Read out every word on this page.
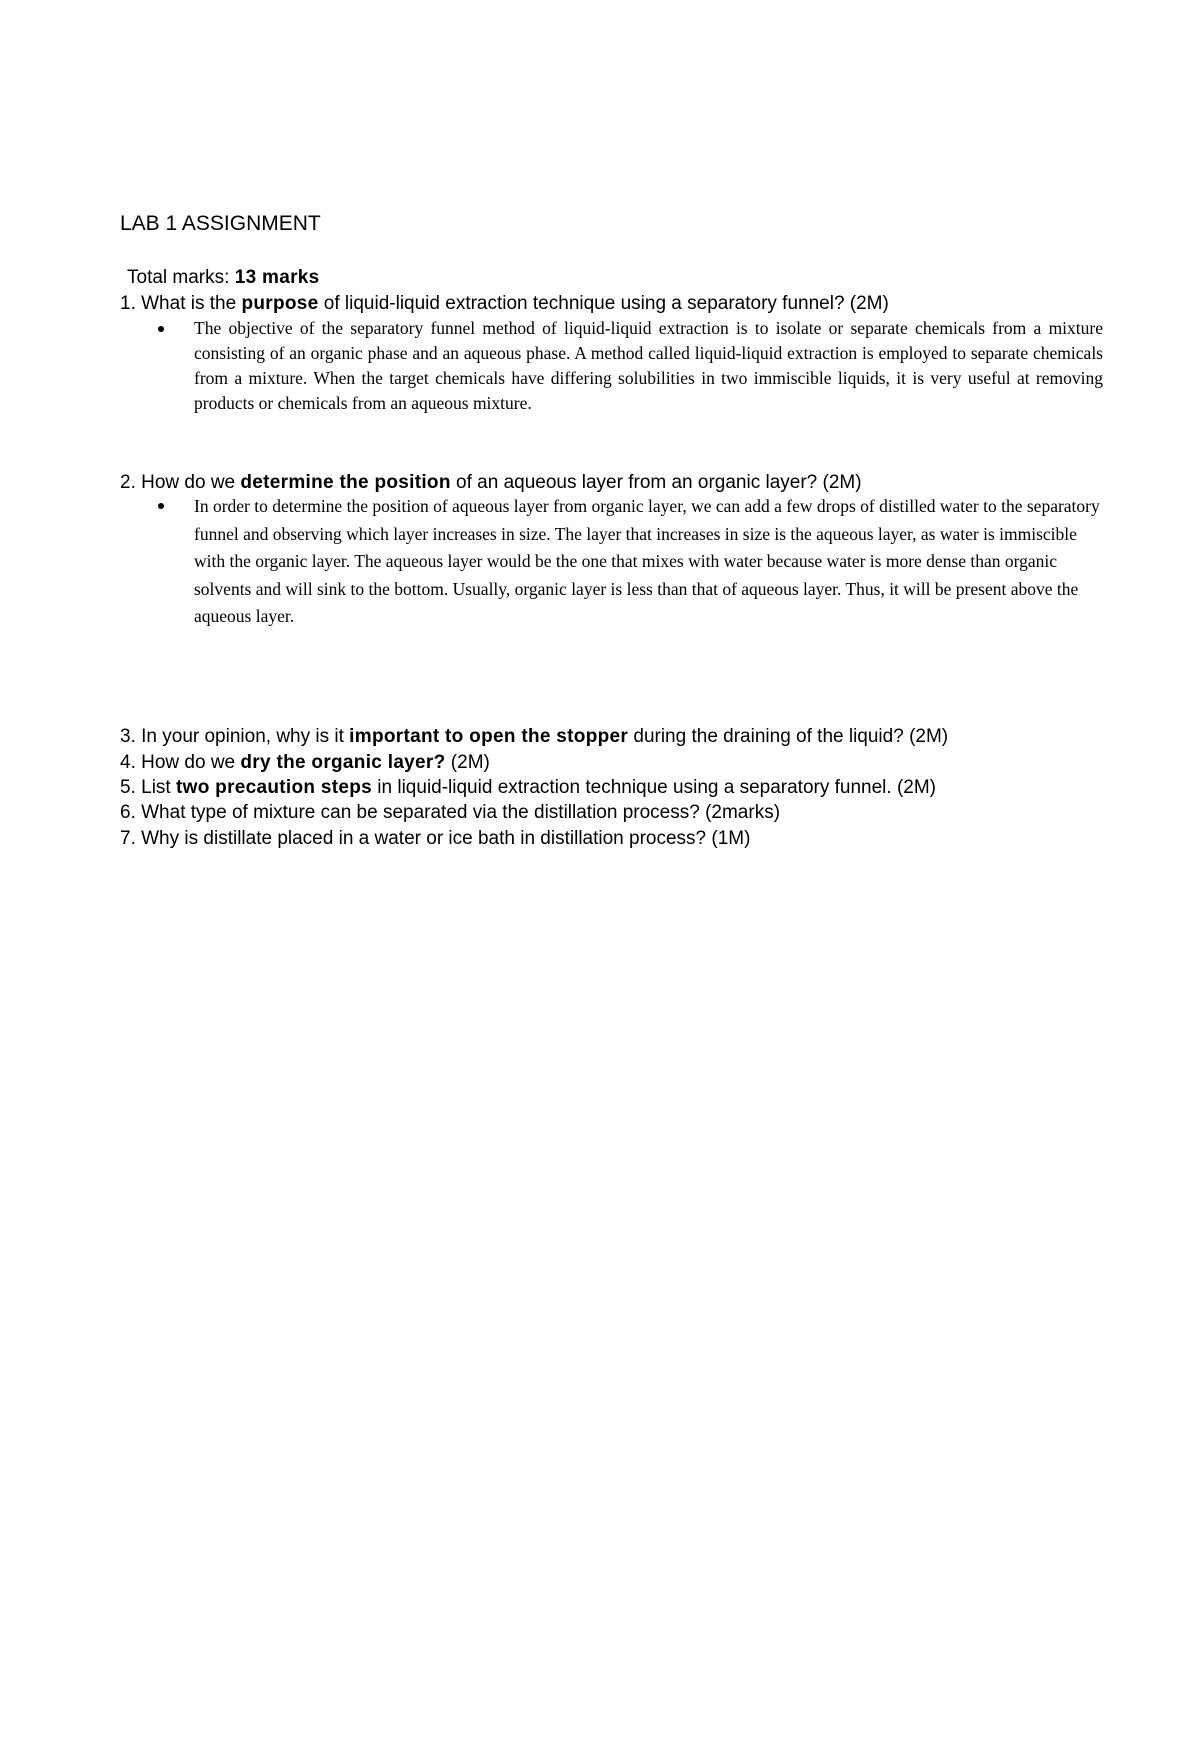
LAB 1 ASSIGNMENT
Total marks: 13 marks
1. What is the purpose of liquid-liquid extraction technique using a separatory funnel? (2M)
The objective of the separatory funnel method of liquid-liquid extraction is to isolate or separate chemicals from a mixture consisting of an organic phase and an aqueous phase. A method called liquid-liquid extraction is employed to separate chemicals from a mixture. When the target chemicals have differing solubilities in two immiscible liquids, it is very useful at removing products or chemicals from an aqueous mixture.
2. How do we determine the position of an aqueous layer from an organic layer? (2M)
In order to determine the position of aqueous layer from organic layer, we can add a few drops of distilled water to the separatory funnel and observing which layer increases in size. The layer that increases in size is the aqueous layer, as water is immiscible with the organic layer. The aqueous layer would be the one that mixes with water because water is more dense than organic solvents and will sink to the bottom. Usually, organic layer is less than that of aqueous layer. Thus, it will be present above the aqueous layer.
3. In your opinion, why is it important to open the stopper during the draining of the liquid? (2M)
4. How do we dry the organic layer? (2M)
5. List two precaution steps in liquid-liquid extraction technique using a separatory funnel. (2M)
6. What type of mixture can be separated via the distillation process? (2marks)
7. Why is distillate placed in a water or ice bath in distillation process? (1M)
